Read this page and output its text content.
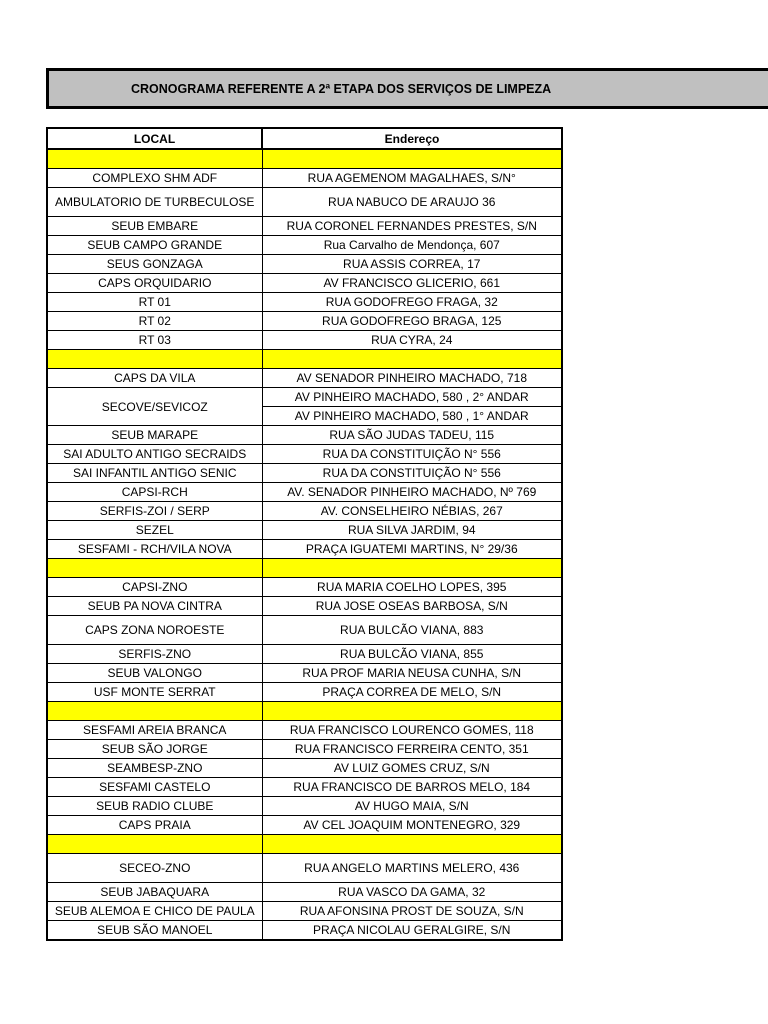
CRONOGRAMA REFERENTE A 2ª ETAPA DOS SERVIÇOS DE LIMPEZA
LOCAL	Endereço

COMPLEXO SHM ADF	RUA AGEMENOM MAGALHAES, S/N°
AMBULATORIO DE TURBECULOSE	RUA NABUCO DE ARAUJO 36
SEUB EMBARE	RUA CORONEL FERNANDES PRESTES, S/N
SEUB CAMPO GRANDE	Rua Carvalho de Mendonça, 607
SEUS GONZAGA	RUA ASSIS CORREA, 17
CAPS ORQUIDARIO	AV FRANCISCO GLICERIO, 661
RT 01	RUA GODOFREGO FRAGA, 32
RT 02	RUA GODOFREGO BRAGA, 125
RT 03	RUA CYRA, 24

CAPS DA VILA	AV SENADOR PINHEIRO MACHADO, 718
SECOVE/SEVICOZ	AV PINHEIRO MACHADO, 580 , 2° ANDAR
	AV PINHEIRO MACHADO, 580 , 1° ANDAR
SEUB MARAPE	RUA SÃO JUDAS TADEU, 115
SAI ADULTO ANTIGO SECRAIDS	RUA DA CONSTITUIÇÃO N° 556
SAI INFANTIL ANTIGO SENIC	RUA DA CONSTITUIÇÃO N° 556
CAPSI-RCH	AV. SENADOR PINHEIRO MACHADO, Nº 769
SERFIS-ZOI / SERP	AV. CONSELHEIRO NÉBIAS, 267
SEZEL	RUA SILVA JARDIM, 94
SESFAMI - RCH/VILA NOVA	PRAÇA IGUATEMI MARTINS, N° 29/36

CAPSI-ZNO	RUA MARIA COELHO LOPES, 395
SEUB PA NOVA CINTRA	RUA JOSE OSEAS BARBOSA, S/N
CAPS ZONA NOROESTE	RUA BULCÃO VIANA, 883
SERFIS-ZNO	RUA BULCÃO VIANA, 855
SEUB VALONGO	RUA PROF MARIA NEUSA CUNHA, S/N
USF MONTE SERRAT	PRAÇA CORREA DE MELO, S/N

SESFAMI AREIA BRANCA	RUA FRANCISCO LOURENCO GOMES, 118
SEUB SÃO JORGE	RUA FRANCISCO FERREIRA CENTO, 351
SEAMBESP-ZNO	AV LUIZ GOMES CRUZ, S/N
SESFAMI CASTELO	RUA FRANCISCO DE BARROS MELO, 184
SEUB RADIO CLUBE	AV HUGO MAIA, S/N
CAPS PRAIA	AV CEL JOAQUIM MONTENEGRO, 329

SECEO-ZNO	RUA ANGELO MARTINS MELERO, 436
SEUB JABAQUARA	RUA VASCO DA GAMA, 32
SEUB ALEMOA E CHICO DE PAULA	RUA AFONSINA PROST DE SOUZA, S/N
SEUB SÃO MANOEL	PRAÇA NICOLAU GERALGIRE, S/N
